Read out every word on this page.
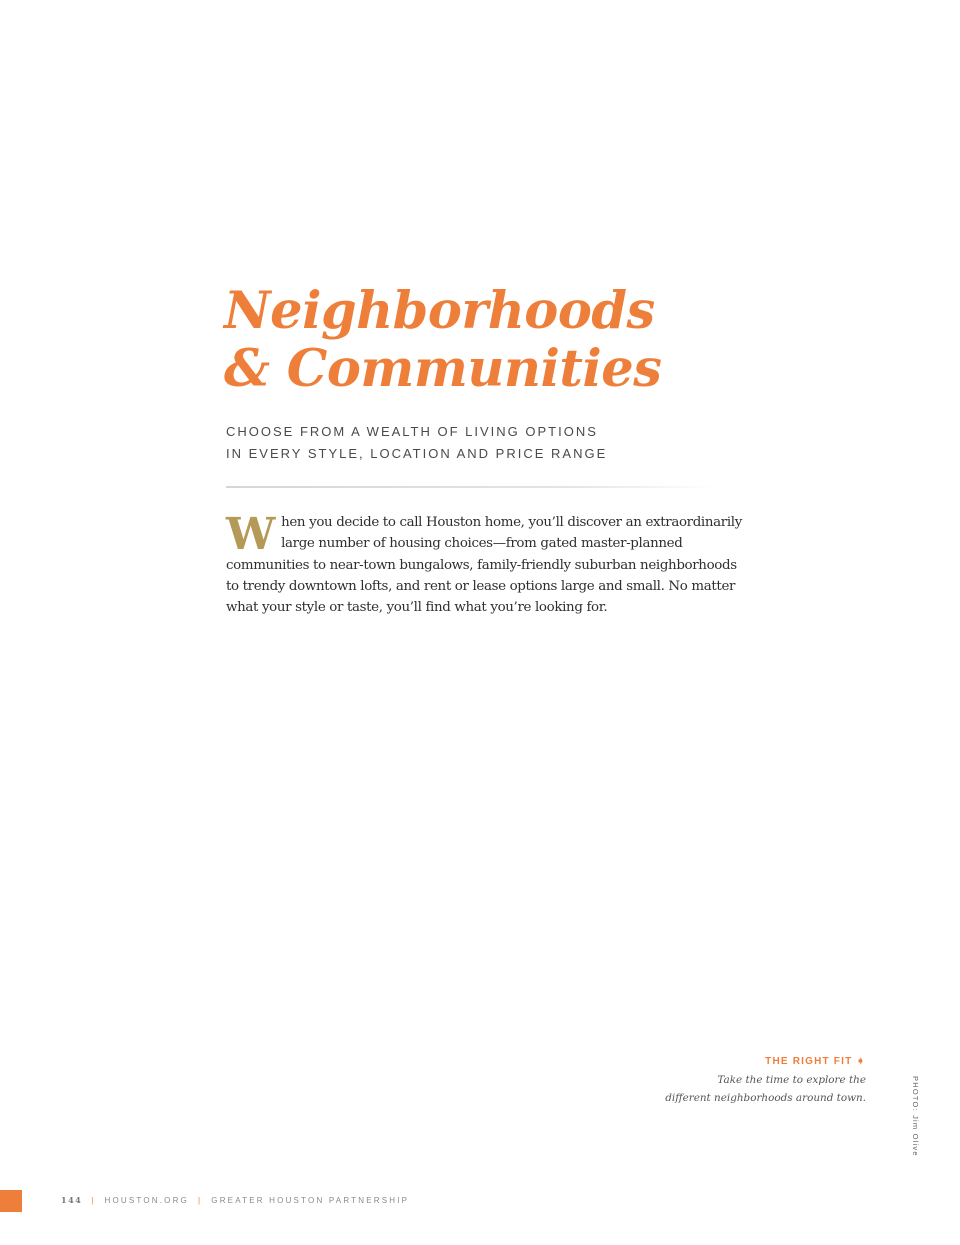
Neighborhoods
& Communities
CHOOSE FROM A WEALTH OF LIVING OPTIONS
IN EVERY STYLE, LOCATION AND PRICE RANGE

When you decide to call Houston home, you’ll discover an extraordinarily large number of housing choices—from gated master-planned communities to near-town bungalows, family-friendly suburban neighborhoods to trendy downtown lofts, and rent or lease options large and small. No matter what your style or taste, you’ll find what you’re looking for.

THE RIGHT FIT ➧
Take the time to explore the
different neighborhoods around town.	PHOTO: Jim Olive
144 | HOUSTON.ORG | GREATER HOUSTON PARTNERSHIP
